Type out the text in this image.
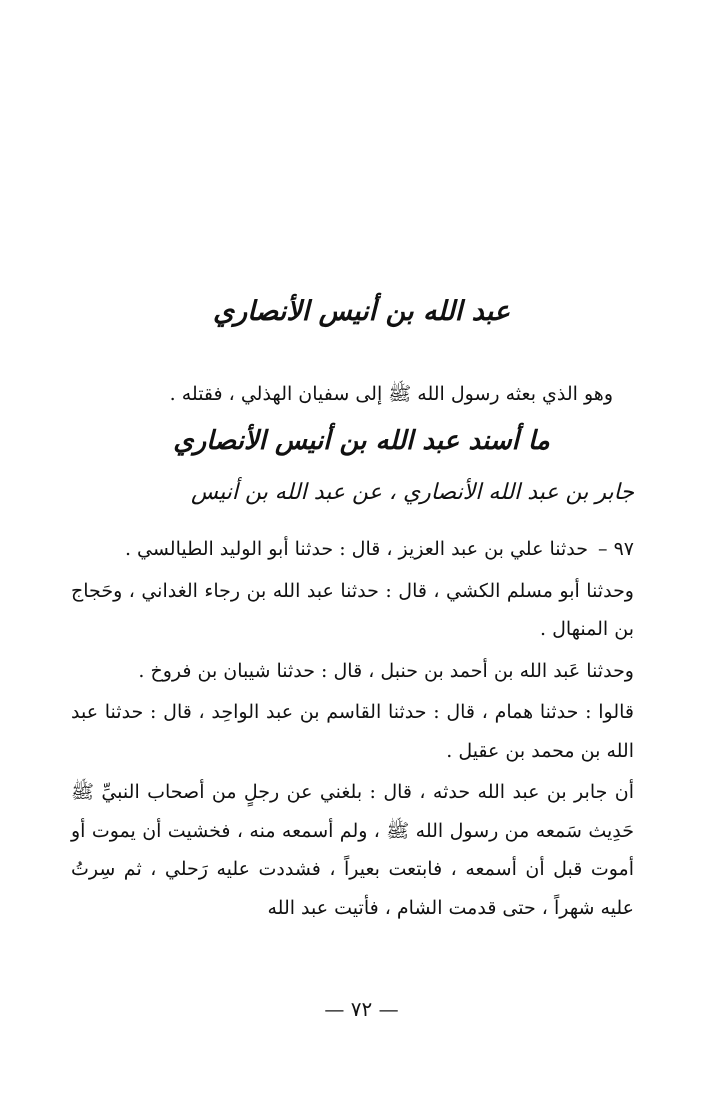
عبد الله بن أنيس الأنصاري
وهو الذي بعثه رسول الله ﷺ إلى سفيان الهذلي ، فقتله .
ما أسند عبد الله بن أنيس الأنصاري
جابر بن عبد الله الأنصاري ، عن عبد الله بن أنيس

٩٧ – حدثنا علي بن عبد العزيز ، قال : حدثنا أبو الوليد الطيالسي .

وحدثنا أبو مسلم الكشي ، قال : حدثنا عبد الله بن رجاء الغداني ، وحَجاج بن المنهال .

وحدثنا عَبد الله بن أحمد بن حنبل ، قال : حدثنا شيبان بن فروخ .

قالوا : حدثنا همام ، قال : حدثنا القاسم بن عبد الواحِد ، قال : حدثنا عبد الله بن محمد بن عقيل .

أن جابر بن عبد الله حدثه ، قال : بلغني عن رجلٍ من أصحاب النبيِّ ﷺ حَدِيث سَمعه من رسول الله ﷺ ، ولم أسمعه منه ، فخشيت أن يموت أو أموت قبل أن أسمعه ، فابتعت بعيراً ، فشددت عليه رَحلي ، ثم سِرتُ عليه شهراً ، حتى قدمت الشام ، فأتيت عبد الله

— ٧٢ —
